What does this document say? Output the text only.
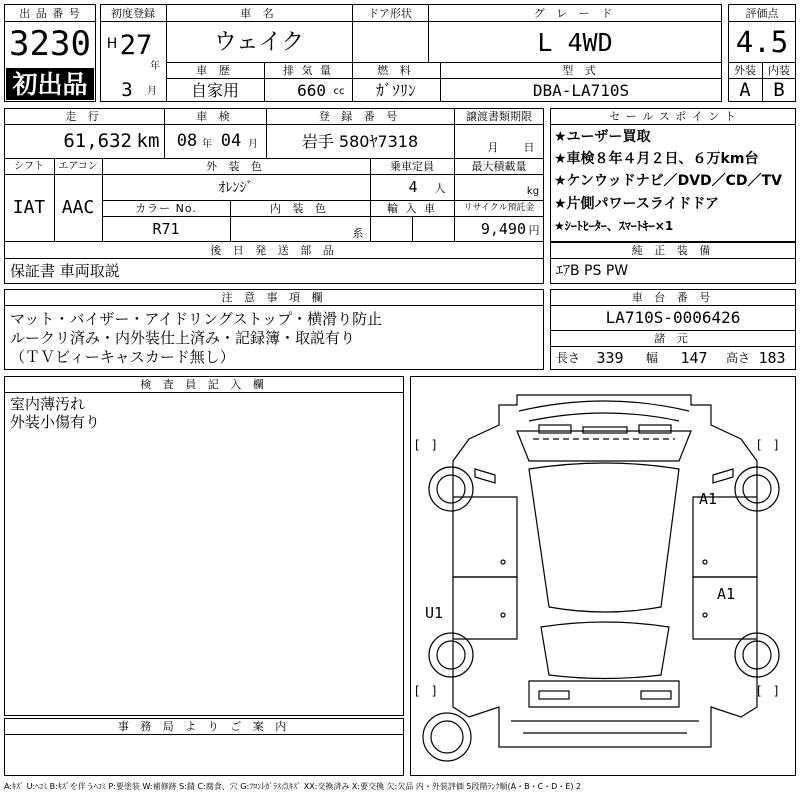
出 品 番 号
3230
初出品
初度登録
H 27
年
3	月
車 名
ウェイク
ドア形状	グ レ ー ド
L 4WD
車 歴
自家用
排 気 量
660 cc
燃 料
ｶﾞｿﾘﾝ
型 式
DBA-LA710S
評価点
4.5
外装	内装
A	B
走 行
61,632 km
車 検
08 年 04 月
登 録 番 号
岩手 580ﾔ7318
譲渡書類期限
月 日
シフト
IAT
エアコン
AAC
外 装 色
ｵﾚﾝｼﾞ
乗車定員
4	人
最大積載量
kg
カラー No.
R71
内 装 色
系
輸 入 車	リサイクル預託金
9,490 円
後 日 発 送 部 品
保証書 車両取説
セ ー ル ス ポ イ ン ト
★ユーザー買取
★車検８年４月２日、６万km台
★ケンウッドナビ／DVD／CD／TV
★片側パワースライドドア
★ｼｰﾄﾋｰﾀｰ、ｽﾏｰﾄｷｰ×1
純 正 装 備
ｴｱB PS PW
注 意 事 項 欄
マット・バイザー・アイドリングストップ・横滑り防止
ルークリ済み・内外装仕上済み・記録簿・取説有り
（ＴＶビィーキャスカード無し）
車 台 番 号
LA710S-0006426
諸 元
長さ	339	幅	147	高さ 183
検 査 員 記 入 欄
室内薄汚れ
外装小傷有り
事 務 局 よ り ご 案 内
[　]	[　]
[　]	[　]
A1
A1
U1
A:ｷｽﾞ U:ﾍｺﾐ B:ｷｽﾞを伴うﾍｺﾐ P:要塗装 W:補修跡 S:錆 C:腐食、穴 G:ﾌﾛﾝﾄｶﾞﾗｽ点ｷｽﾞ XX:交換済み X:要交換 欠:欠品 内・外装評価 5段階ﾗﾝｸ順(A・B・C・D・E) 2
